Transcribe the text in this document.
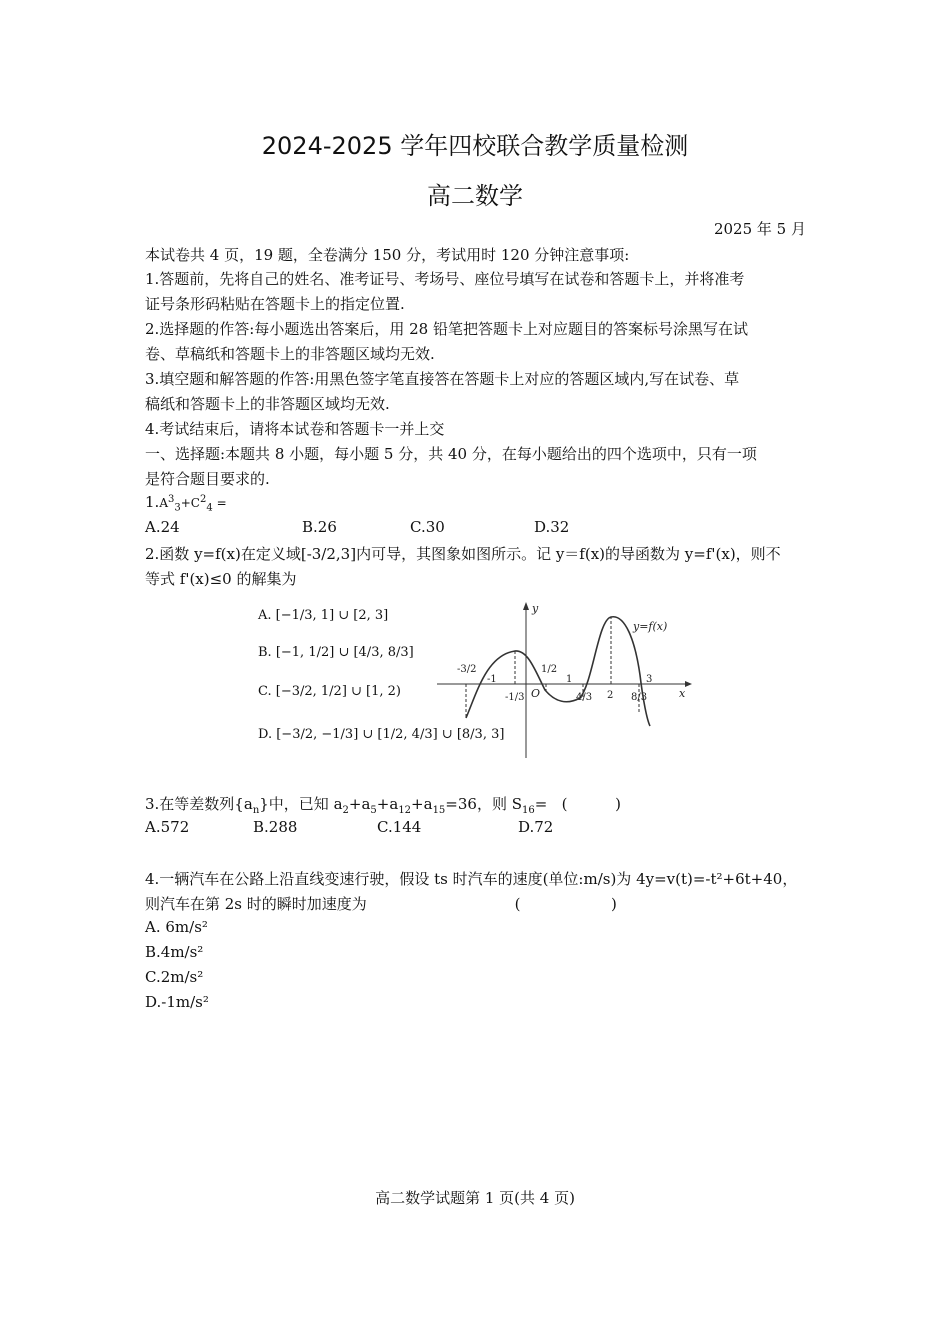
2024-2025 学年四校联合教学质量检测
高二数学
2025 年 5 月
本试卷共 4 页，19 题，全卷满分 150 分，考试用时 120 分钟注意事项:
1.答题前，先将自己的姓名、准考证号、考场号、座位号填写在试卷和答题卡上，并将准考
证号条形码粘贴在答题卡上的指定位置.
2.选择题的作答:每小题选出答案后，用 28 铅笔把答题卡上对应题目的答案标号涂黑写在试
卷、草稿纸和答题卡上的非答题区域均无效.
3.填空题和解答题的作答:用黑色签字笔直接答在答题卡上对应的答题区域内,写在试卷、草
稿纸和答题卡上的非答题区域均无效.
4.考试结束后，请将本试卷和答题卡一并上交
一、选择题:本题共 8 小题，每小题 5 分，共 40 分，在每小题给出的四个选项中，只有一项
是符合题目要求的.
$1.A^3_3+C^2_4$ =
A.24	B.26	C.30	D.32
2.函数 y=f(x)在定义域[-3/2,3]内可导，其图象如图所示。记 y＝f(x)的导函数为 y=f'(x)，则不
等式 f'(x)≤0 的解集为
A. [−1/3, 1] ∪ [2, 3]
B. [−1, 1/2] ∪ [4/3, 8/3]
C. [−3/2, 1/2] ∪ [1, 2)
D. [−3/2, −1/3] ∪ [1/2, 4/3] ∪ [8/3, 3]
y
x
O
y=f(x)
-3/2
-1
-1/3
1/2
1
4/3 2 8/3
3
3.在等差数列$\{a_n\}$中，已知 $a_2+a_5+a_{12}+a_{15}=36$，则 $S_{16}=$   (          )
A.572	B.288	C.144	D.72
4.一辆汽车在公路上沿直线变速行驶，假设 ts 时汽车的速度(单位:m/s)为 4y=v(t)=-t²+6t+40，
则汽车在第 2s 时的瞬时加速度为                               (                   )
A. 6m/s²
B.4m/s²
C.2m/s²
D.-1m/s²
高二数学试题第 1 页(共 4 页)
